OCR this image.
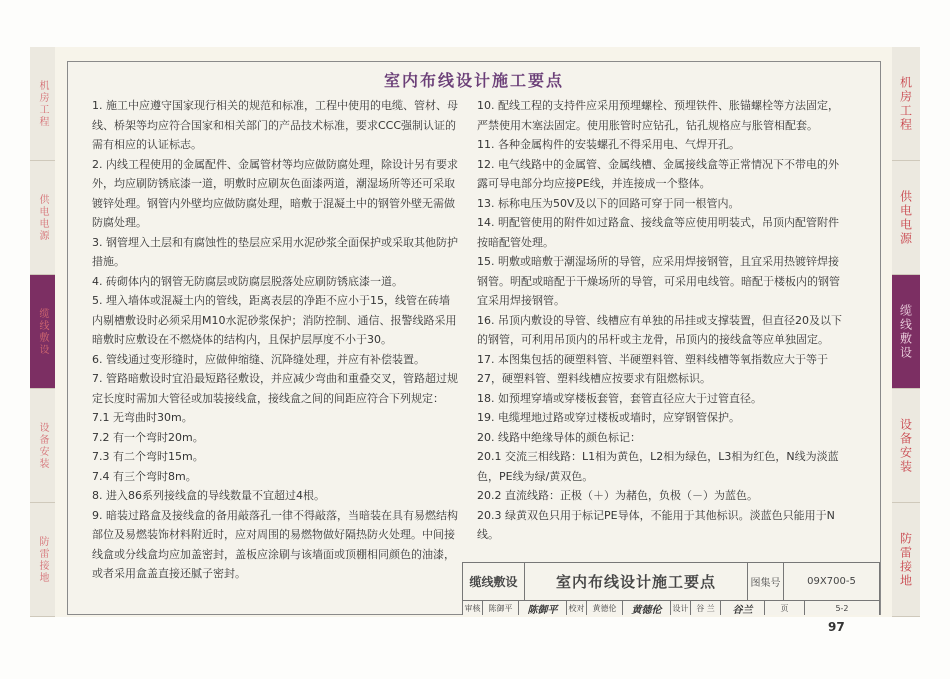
机房工程
供电电源
缆线敷设
设备安装
防雷接地
室内布线设计施工要点

1. 施工中应遵守国家现行相关的规范和标准，工程中使用的电缆、管材、母线、桥架等均应符合国家和相关部门的产品技术标准，要求CCC强制认证的需有相应的认证标志。

2. 内线工程使用的金属配件、金属管材等均应做防腐处理，除设计另有要求外，均应刷防锈底漆一道，明敷时应刷灰色面漆两道，潮湿场所等还可采取镀锌处理。钢管内外壁均应做防腐处理，暗敷于混凝土中的钢管外壁无需做防腐处理。

3. 钢管埋入土层和有腐蚀性的垫层应采用水泥砂浆全面保护或采取其他防护措施。

4. 砖砌体内的钢管无防腐层或防腐层脱落处应刷防锈底漆一道。

5. 埋入墙体或混凝土内的管线，距离表层的净距不应小于15，线管在砖墙内剔槽敷设时必须采用M10水泥砂浆保护；消防控制、通信、报警线路采用暗敷时应敷设在不燃烧体的结构内，且保护层厚度不小于30。

6. 管线通过变形缝时，应做伸缩缝、沉降缝处理，并应有补偿装置。

7. 管路暗敷设时宜沿最短路径敷设，并应减少弯曲和重叠交叉，管路超过规定长度时需加大管径或加装接线盒，接线盒之间的间距应符合下列规定：

7.1 无弯曲时30m。

7.2 有一个弯时20m。

7.3 有二个弯时15m。

7.4 有三个弯时8m。

8. 进入86系列接线盒的导线数量不宜超过4根。

9. 暗装过路盒及接线盒的备用敲落孔一律不得敲落，当暗装在具有易燃结构部位及易燃装饰材料附近时，应对周围的易燃物做好隔热防火处理。中间接线盒或分线盒均应加盖密封，盖板应涂刷与该墙面或顶棚相同颜色的油漆，或者采用盒盖直接还腻子密封。

10. 配线工程的支持件应采用预埋螺栓、预埋铁件、胀锚螺栓等方法固定，严禁使用木塞法固定。使用胀管时应钻孔，钻孔规格应与胀管相配套。

11. 各种金属构件的安装螺孔不得采用电、气焊开孔。

12. 电气线路中的金属管、金属线槽、金属接线盒等正常情况下不带电的外露可导电部分均应接PE线，并连接成一个整体。

13. 标称电压为50V及以下的回路可穿于同一根管内。

14. 明配管使用的附件如过路盒、接线盒等应使用明装式，吊顶内配管附件按暗配管处理。

15. 明敷或暗敷于潮湿场所的导管，应采用焊接钢管，且宜采用热镀锌焊接钢管。明配或暗配于干燥场所的导管，可采用电线管。暗配于楼板内的钢管宜采用焊接钢管。

16. 吊顶内敷设的导管、线槽应有单独的吊挂或支撑装置，但直径20及以下的钢管，可利用吊顶内的吊杆或主龙骨，吊顶内的接线盒等应单独固定。

17. 本图集包括的硬塑料管、半硬塑料管、塑料线槽等氧指数应大于等于27，硬塑料管、塑料线槽应按要求有阻燃标识。

18. 如预埋穿墙或穿楼板套管，套管直径应大于过管直径。

19. 电缆埋地过路或穿过楼板或墙时，应穿钢管保护。

20. 线路中绝缘导体的颜色标记：

20.1 交流三相线路：L1相为黄色，L2相为绿色，L3相为红色，N线为淡蓝色，PE线为绿/黄双色。

20.2 直流线路：正极（＋）为赭色，负极（－）为蓝色。

20.3 绿黄双色只用于标记PE导体，不能用于其他标识。淡蓝色只能用于N线。

缆线敷设	室内布线设计施工要点	图集号	09X700-5
审核	陈御平	陈御平	校对	黄德伦	黄德伦	设计 谷 兰	谷兰	页	5-2
机房工程
供电电源
缆线敷设
设备安装
防雷接地
97
